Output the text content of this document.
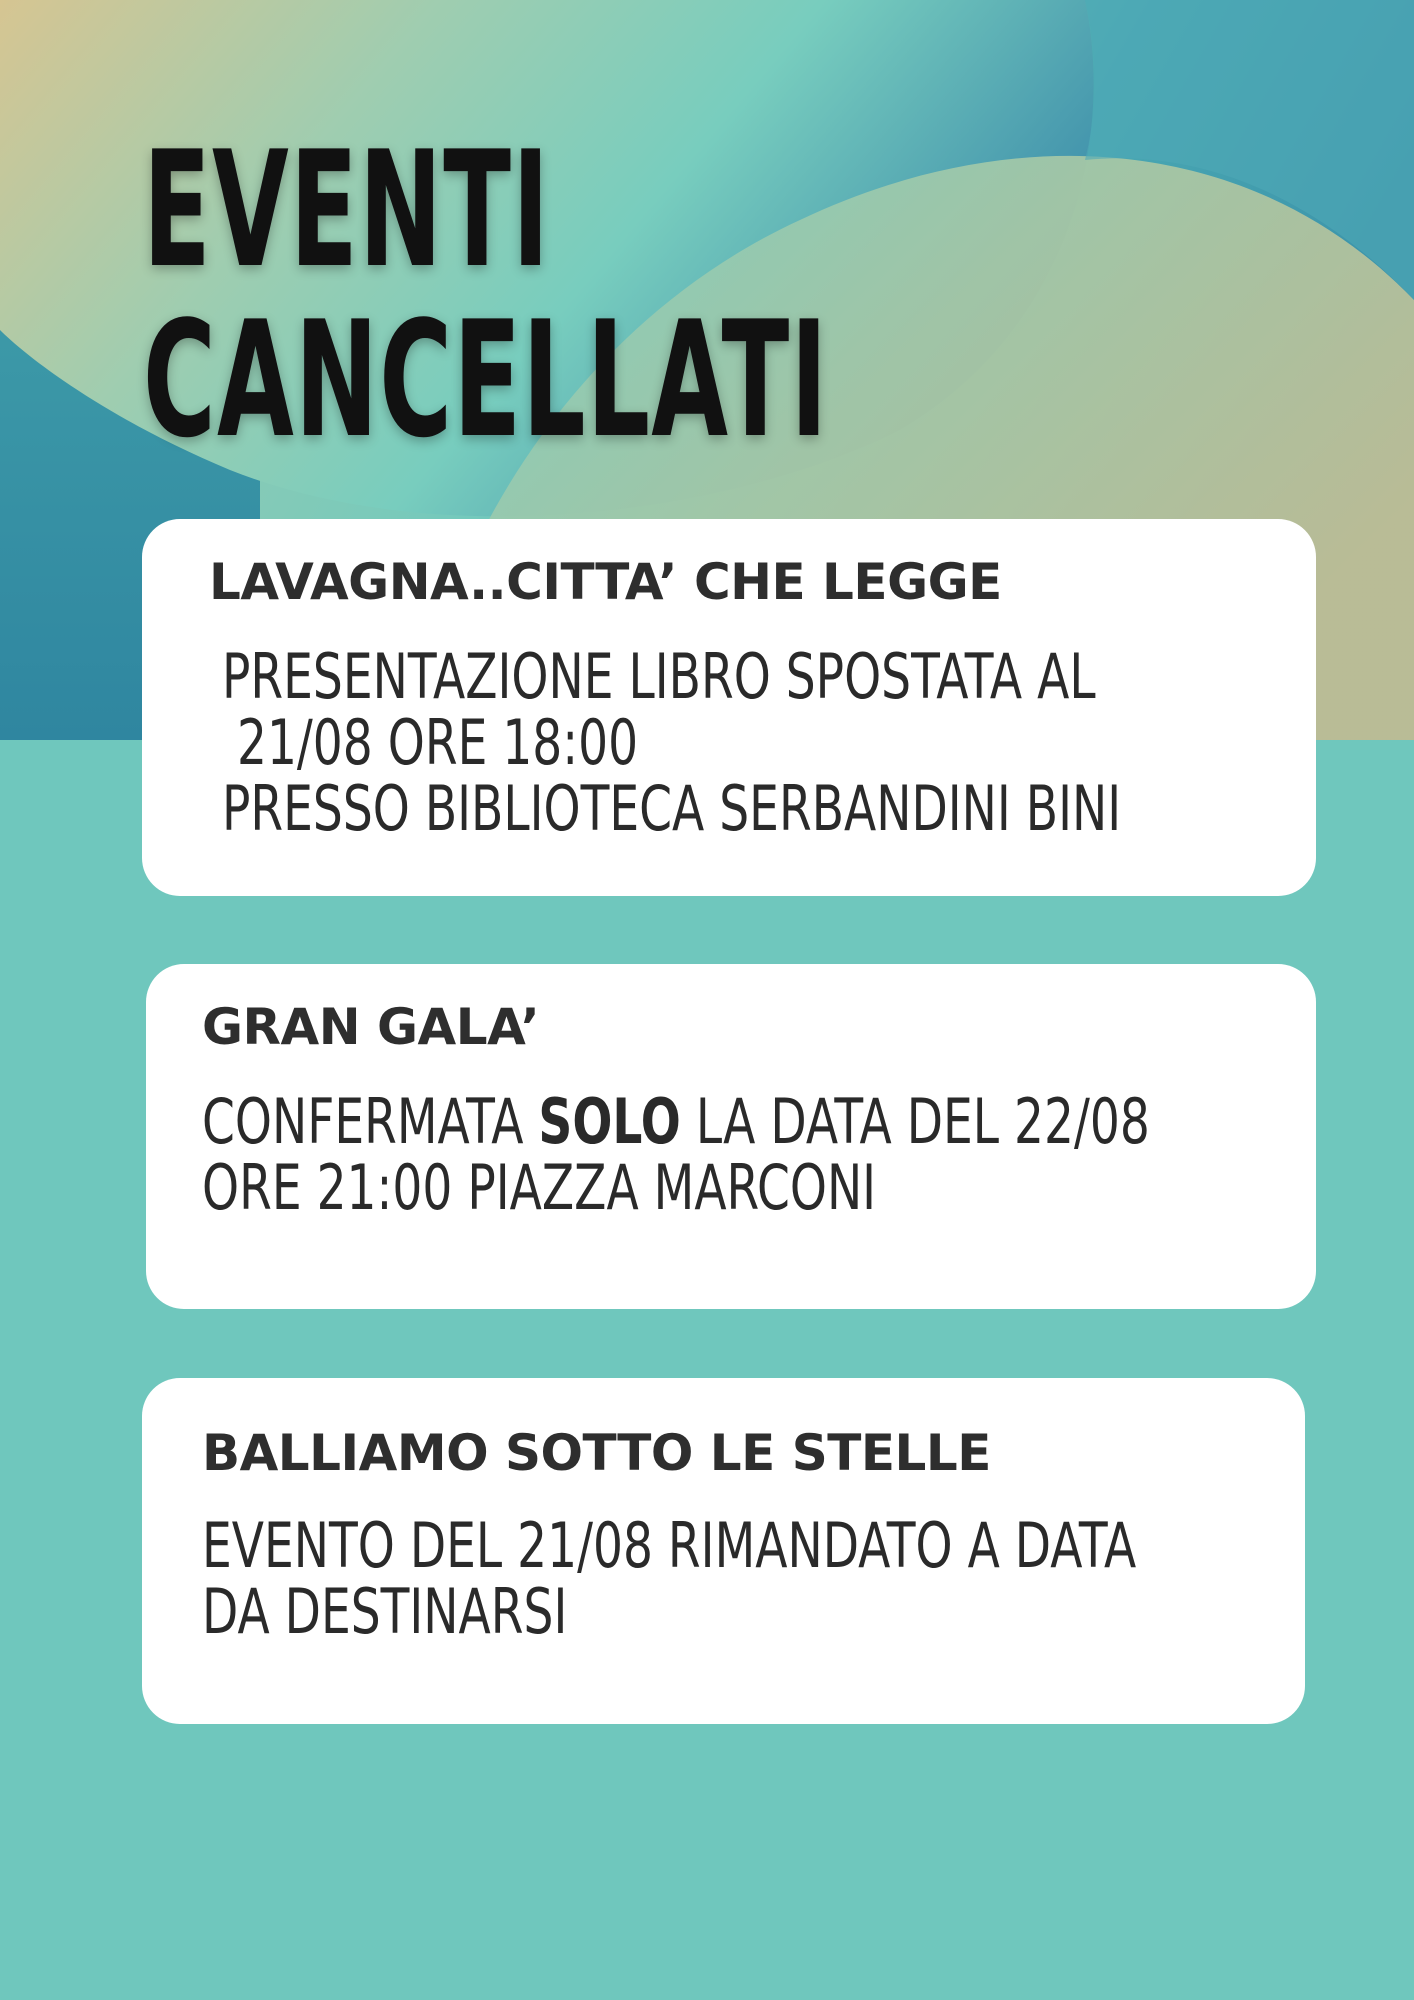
EVENTI
CANCELLATI
LAVAGNA..CITTA’ CHE LEGGE
PRESENTAZIONE LIBRO SPOSTATA AL
21/08 ORE 18:00
PRESSO BIBLIOTECA SERBANDINI BINI
GRAN GALA’
CONFERMATA SOLO LA DATA DEL 22/08
ORE 21:00 PIAZZA MARCONI
BALLIAMO SOTTO LE STELLE
EVENTO DEL 21/08 RIMANDATO A DATA
DA DESTINARSI
